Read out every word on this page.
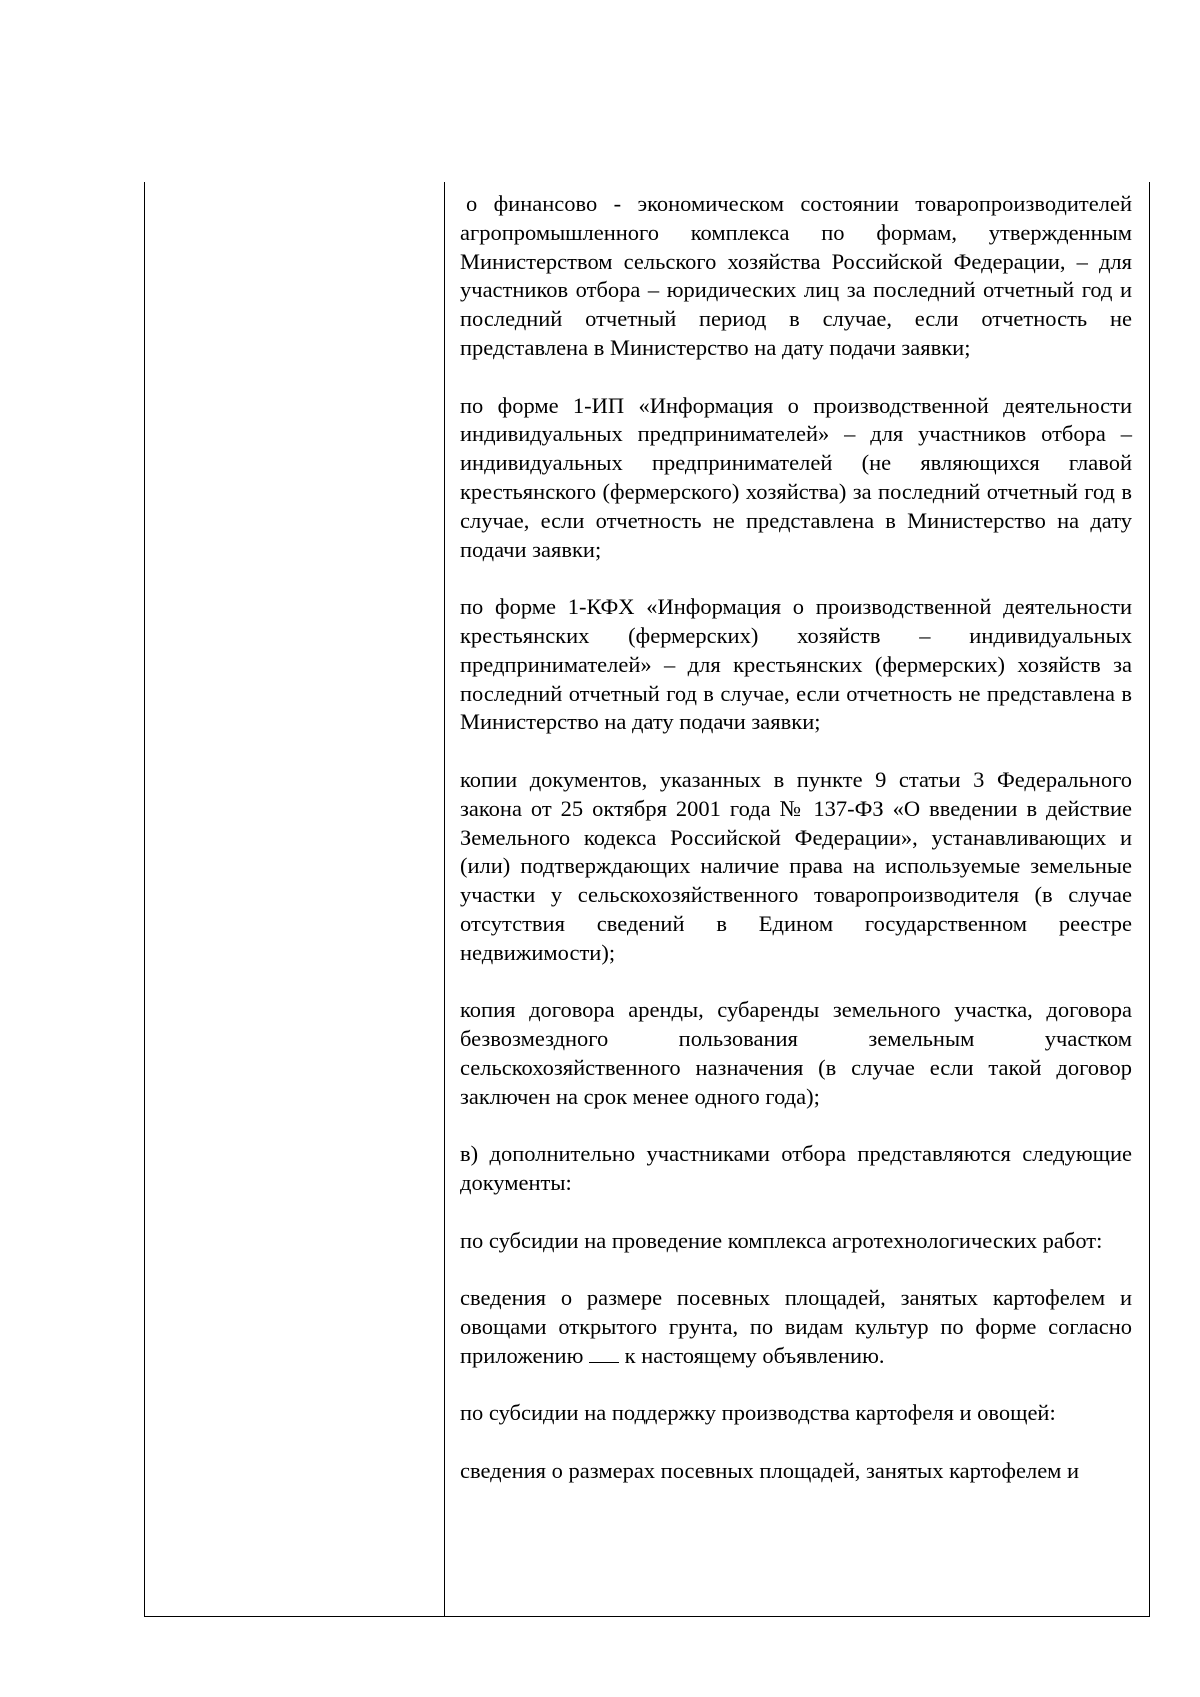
о финансово - экономическом состоянии товаропроизводителей агропромышленного комплекса по формам, утвержденным Министерством сельского хозяйства Российской Федерации, – для участников отбора – юридических лиц за последний отчетный год и последний отчетный период в случае, если отчетность не представлена в Министерство на дату подачи заявки;

по форме 1-ИП «Информация о производственной деятельности индивидуальных предпринимателей» – для участников отбора – индивидуальных предпринимателей (не являющихся главой крестьянского (фермерского) хозяйства) за последний отчетный год в случае, если отчетность не представлена в Министерство на дату подачи заявки;

по форме 1-КФХ «Информация о производственной деятельности крестьянских (фермерских) хозяйств – индивидуальных предпринимателей» – для крестьянских (фермерских) хозяйств за последний отчетный год в случае, если отчетность не представлена в Министерство на дату подачи заявки;

копии документов, указанных в пункте 9 статьи 3 Федерального закона от 25 октября 2001 года № 137-ФЗ «О введении в действие Земельного кодекса Российской Федерации», устанавливающих и (или) подтверждающих наличие права на используемые земельные участки у сельскохозяйственного товаропроизводителя (в случае отсутствия сведений в Едином государственном реестре недвижимости);

копия договора аренды, субаренды земельного участка, договора безвозмездного пользования земельным участком сельскохозяйственного назначения (в случае если такой договор заключен на срок менее одного года);

в) дополнительно участниками отбора представляются следующие документы:

по субсидии на проведение комплекса агротехнологических работ:

сведения о размере посевных площадей, занятых картофелем и овощами открытого грунта, по видам культур по форме согласно приложению  к настоящему объявлению.

по субсидии на поддержку производства картофеля и овощей:

сведения о размерах посевных площадей, занятых картофелем и
